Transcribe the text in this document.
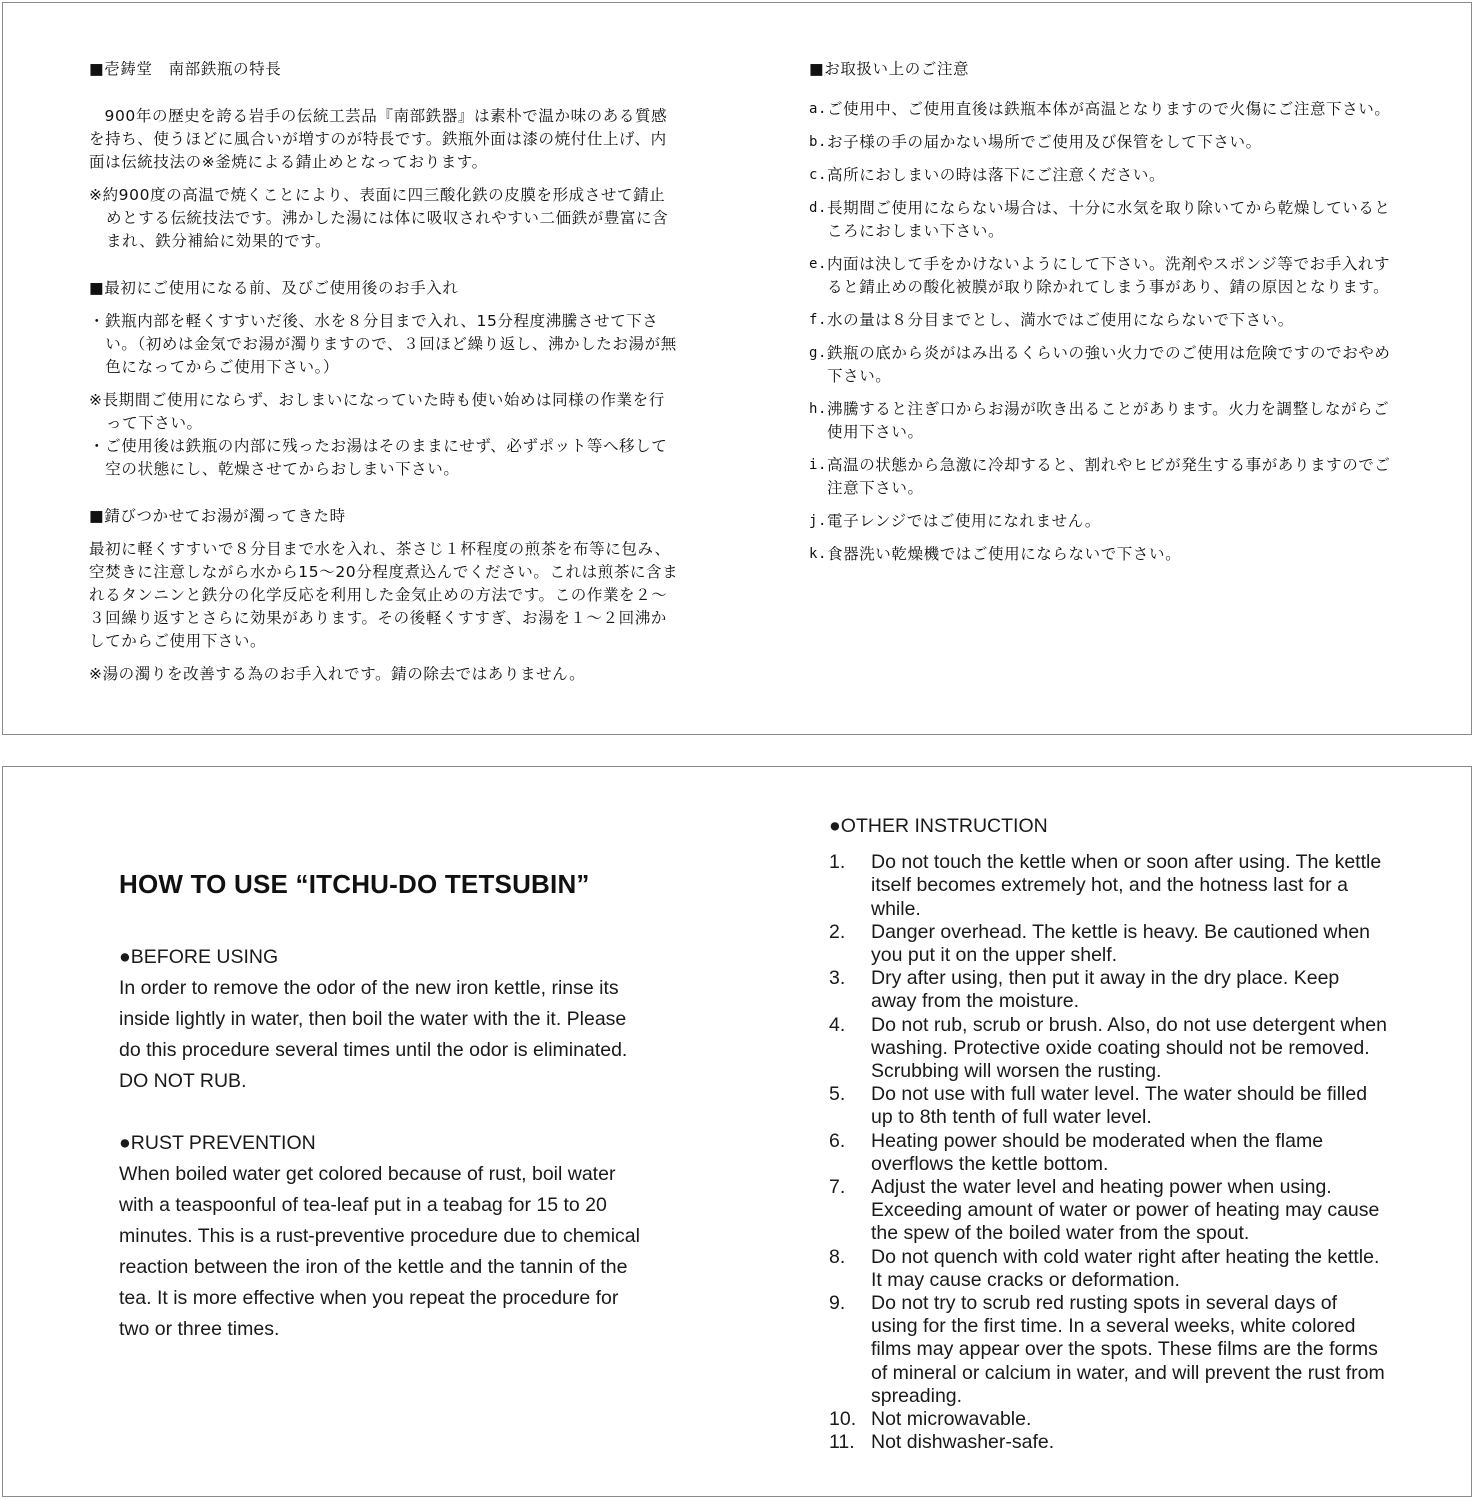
■壱鋳堂　南部鉄瓶の特長

900年の歴史を誇る岩手の伝統工芸品『南部鉄器』は素朴で温か味のある質感を持ち、使うほどに風合いが増すのが特長です。鉄瓶外面は漆の焼付仕上げ、内面は伝統技法の※釜焼による錆止めとなっております。

※約900度の高温で焼くことにより、表面に四三酸化鉄の皮膜を形成させて錆止めとする伝統技法です。沸かした湯には体に吸収されやすい二価鉄が豊富に含まれ、鉄分補給に効果的です。

■最初にご使用になる前、及びご使用後のお手入れ

・鉄瓶内部を軽くすすいだ後、水を８分目まで入れ、15分程度沸騰させて下さい。（初めは金気でお湯が濁りますので、３回ほど繰り返し、沸かしたお湯が無色になってからご使用下さい。）

※長期間ご使用にならず、おしまいになっていた時も使い始めは同様の作業を行って下さい。

・ご使用後は鉄瓶の内部に残ったお湯はそのままにせず、必ずポット等へ移して空の状態にし、乾燥させてからおしまい下さい。

■錆びつかせてお湯が濁ってきた時

最初に軽くすすいで８分目まで水を入れ、茶さじ１杯程度の煎茶を布等に包み、空焚きに注意しながら水から15〜20分程度煮込んでください。これは煎茶に含まれるタンニンと鉄分の化学反応を利用した金気止めの方法です。この作業を２〜３回繰り返すとさらに効果があります。その後軽くすすぎ、お湯を１〜２回沸かしてからご使用下さい。

※湯の濁りを改善する為のお手入れです。錆の除去ではありません。

■お取扱い上のご注意

a. ご使用中、ご使用直後は鉄瓶本体が高温となりますので火傷にご注意下さい。
b. お子様の手の届かない場所でご使用及び保管をして下さい。
c. 高所におしまいの時は落下にご注意ください。
d. 長期間ご使用にならない場合は、十分に水気を取り除いてから乾燥しているところにおしまい下さい。
e. 内面は決して手をかけないようにして下さい。洗剤やスポンジ等でお手入れすると錆止めの酸化被膜が取り除かれてしまう事があり、錆の原因となります。
f. 水の量は８分目までとし、満水ではご使用にならないで下さい。
g. 鉄瓶の底から炎がはみ出るくらいの強い火力でのご使用は危険ですのでおやめ下さい。
h. 沸騰すると注ぎ口からお湯が吹き出ることがあります。火力を調整しながらご使用下さい。
i. 高温の状態から急激に冷却すると、割れやヒビが発生する事がありますのでご注意下さい。
j. 電子レンジではご使用になれません。
k. 食器洗い乾燥機ではご使用にならないで下さい。
HOW TO USE “ITCHU-DO TETSUBIN”

●BEFORE USING

In order to remove the odor of the new iron kettle, rinse its inside lightly in water, then boil the water with the it. Please do this procedure several times until the odor is eliminated. DO NOT RUB.

●RUST PREVENTION

When boiled water get colored because of rust, boil water with a teaspoonful of tea-leaf put in a teabag for 15 to 20 minutes. This is a rust-preventive procedure due to chemical reaction between the iron of the kettle and the tannin of the tea. It is more effective when you repeat the procedure for two or three times.

●OTHER INSTRUCTION

1.	Do not touch the kettle when or soon after using. The kettle itself becomes extremely hot, and the hotness last for a while.
2.	Danger overhead. The kettle is heavy. Be cautioned when you put it on the upper shelf.
3.	Dry after using, then put it away in the dry place. Keep away from the moisture.
4.	Do not rub, scrub or brush. Also, do not use detergent when washing. Protective oxide coating should not be removed. Scrubbing will worsen the rusting.
5.	Do not use with full water level. The water should be filled up to 8th tenth of full water level.
6.	Heating power should be moderated when the flame overflows the kettle bottom.
7.	Adjust the water level and heating power when using. Exceeding amount of water or power of heating may cause the spew of the boiled water from the spout.
8.	Do not quench with cold water right after heating the kettle. It may cause cracks or deformation.
9.	Do not try to scrub red rusting spots in several days of using for the first time. In a several weeks, white colored films may appear over the spots. These films are the forms of mineral or calcium in water, and will prevent the rust from spreading.
10. Not microwavable.
11. Not dishwasher-safe.
